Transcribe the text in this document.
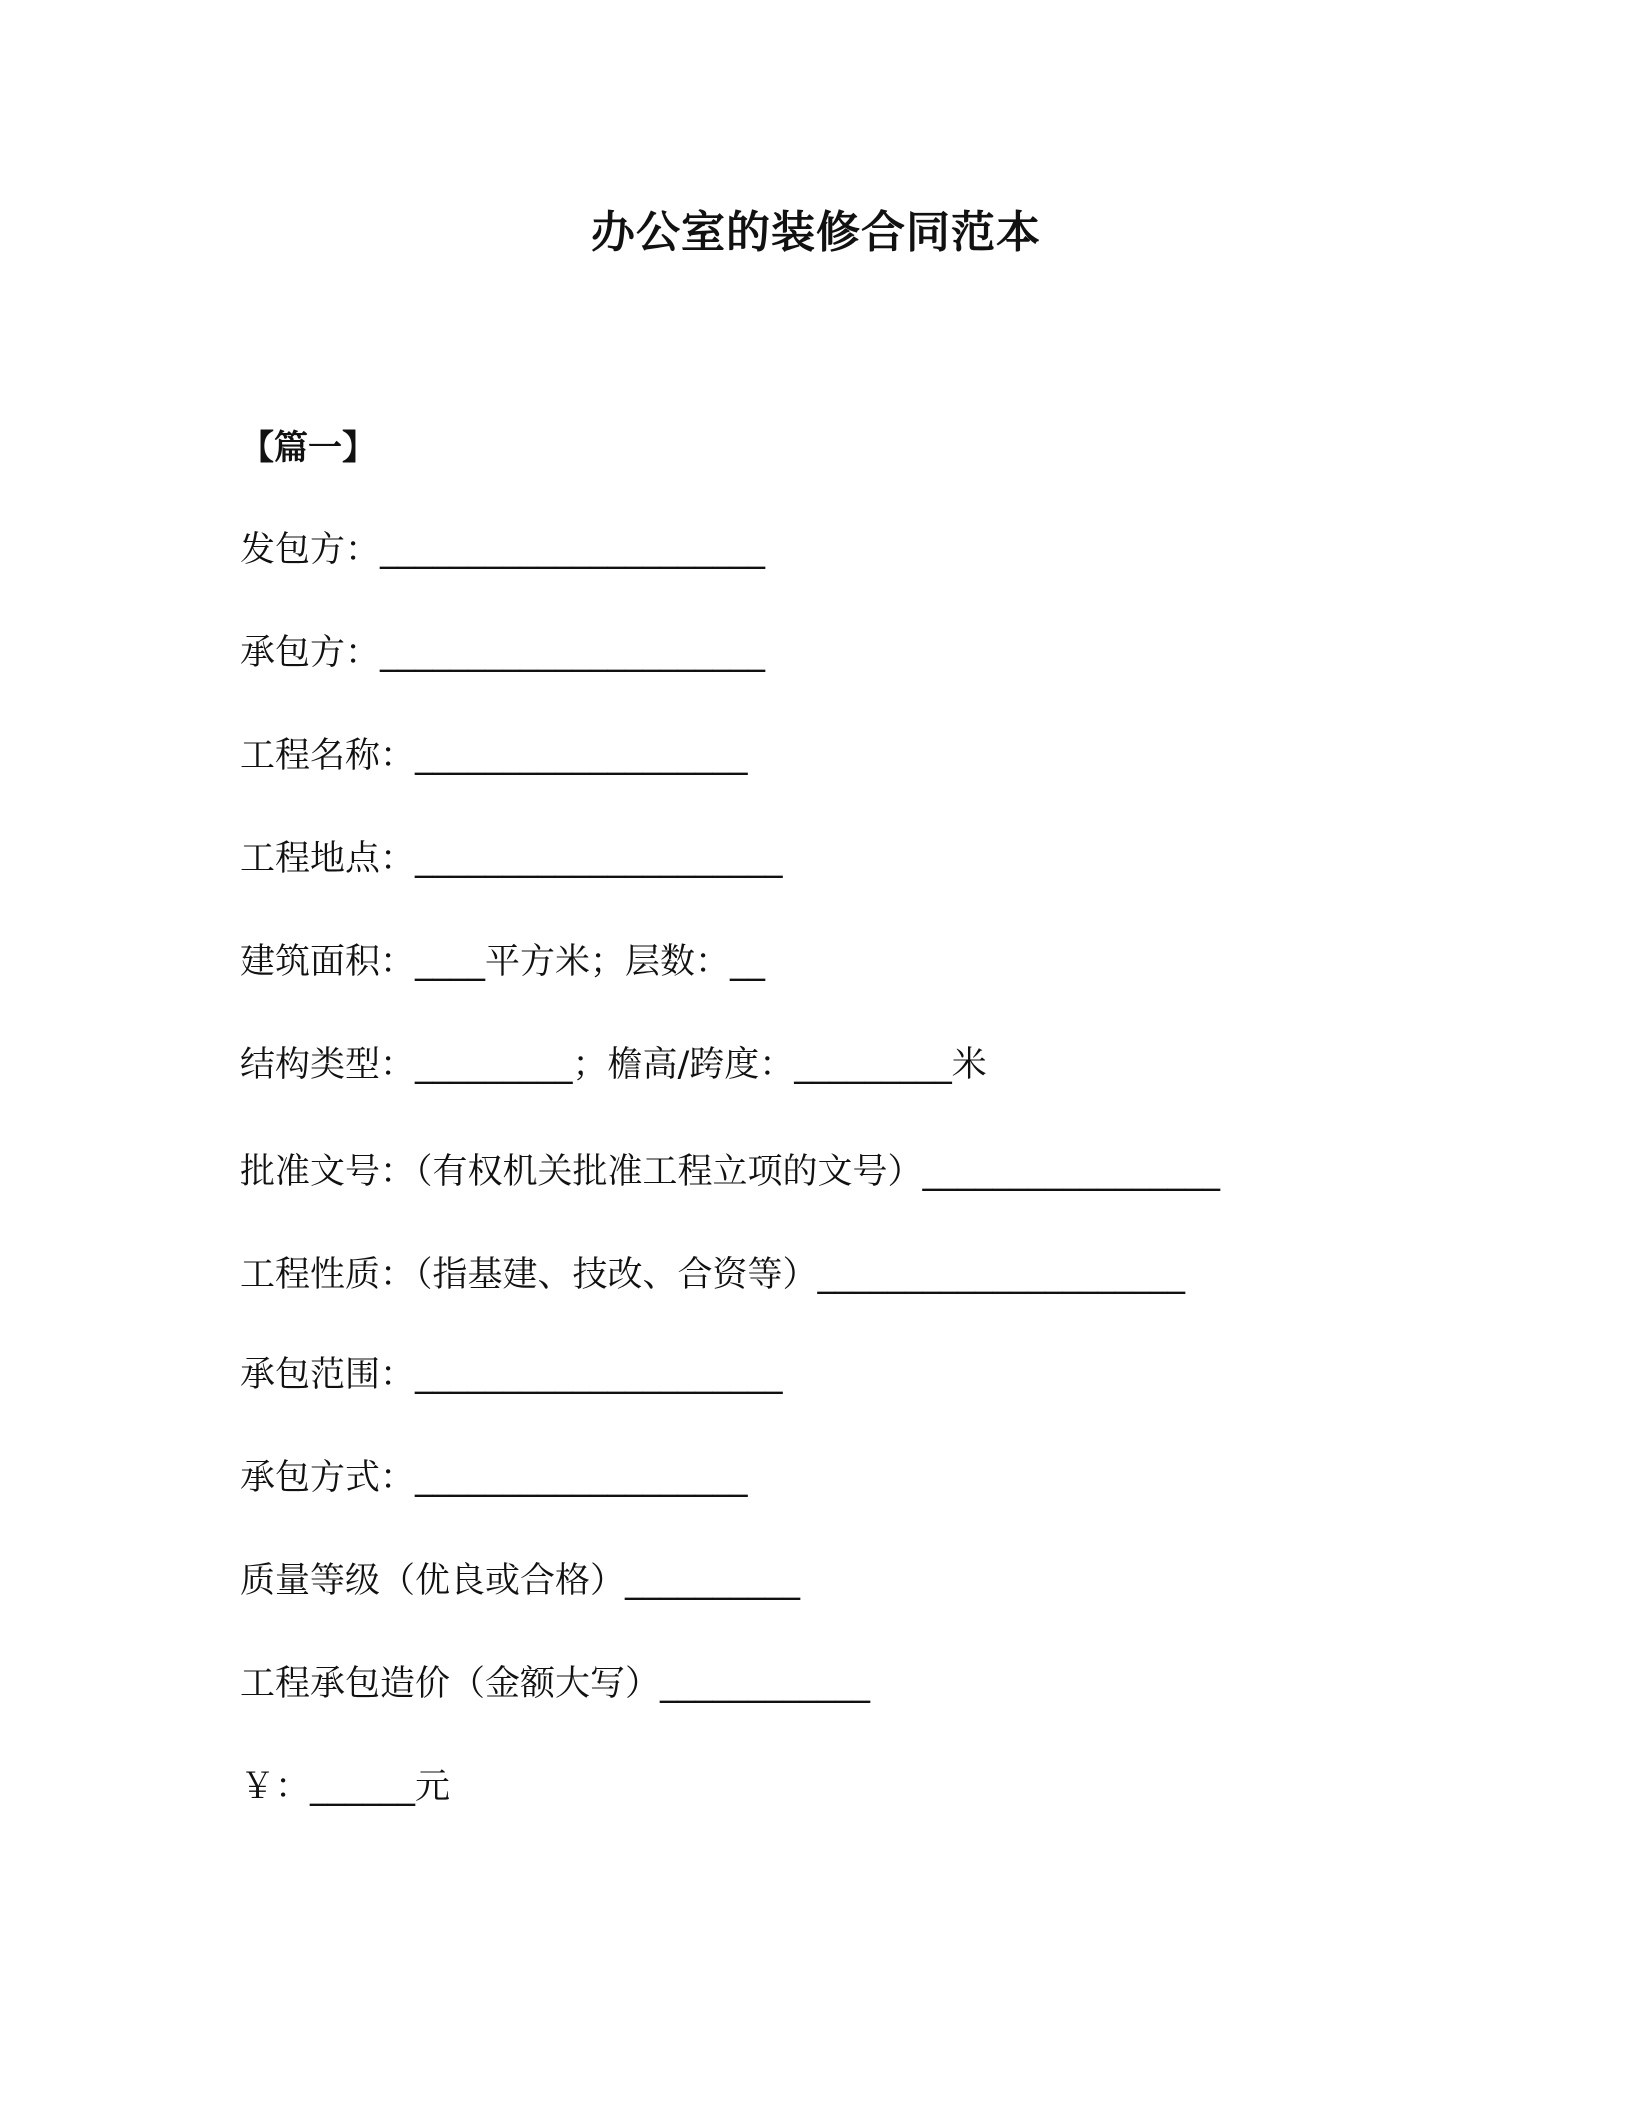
办公室的装修合同范本
【篇一】
发包方：______________________
承包方：______________________
工程名称：___________________
工程地点：_____________________
建筑面积：____平方米；层数：__
结构类型：_________；檐高/跨度：_________米
批准文号：（有权机关批准工程立项的文号）_________________
工程性质：（指基建、技改、合资等）_____________________
承包范围：_____________________
承包方式：___________________
质量等级（优良或合格）__________
工程承包造价（金额大写）____________
￥：______元
